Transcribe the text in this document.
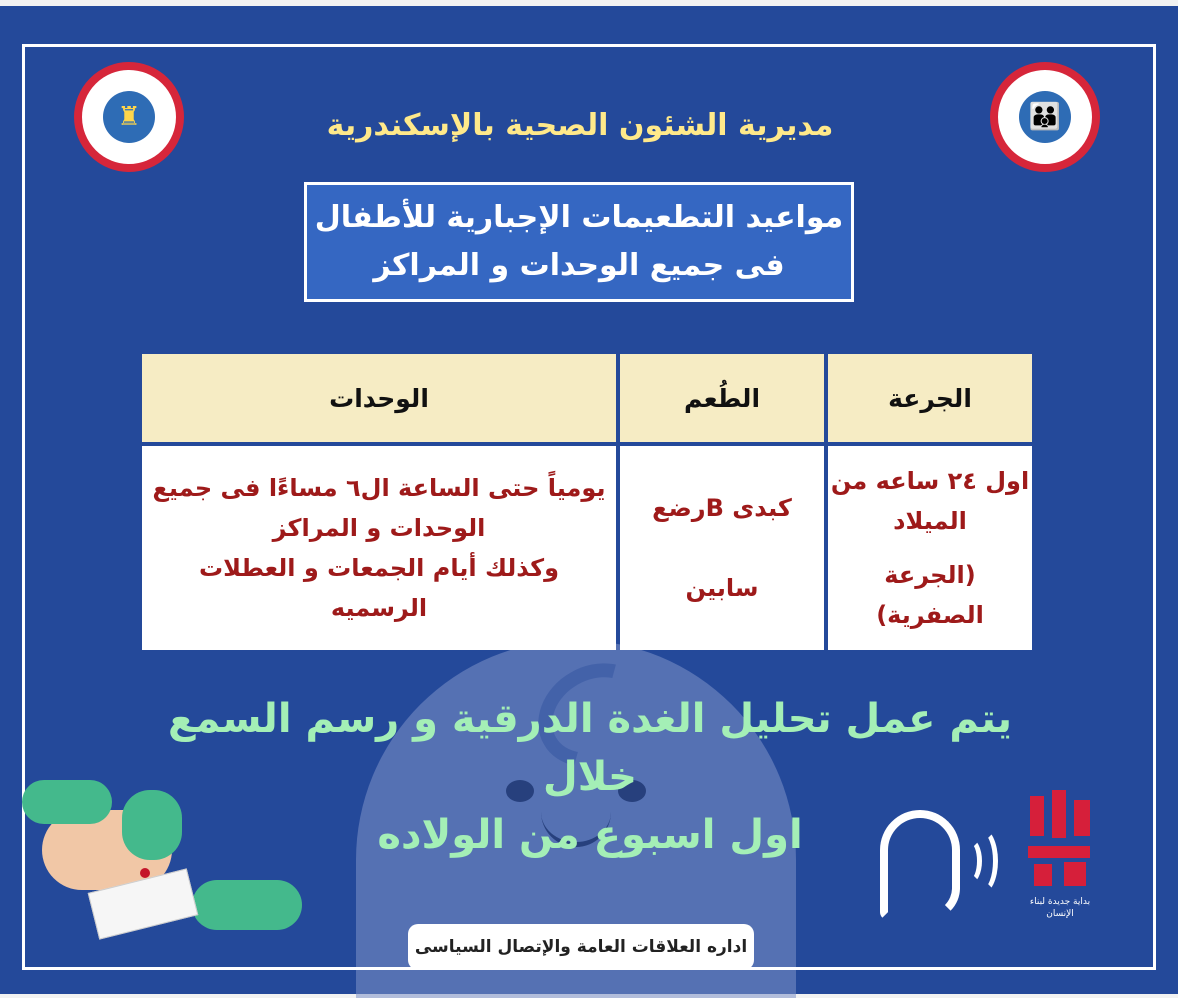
♜	👪
مديرية الشئون الصحية بالإسكندرية
مواعيد التطعيمات الإجبارية للأطفال
فى جميع الوحدات و المراكز
الجرعة
الطُعم
الوحدات
اول ٢٤ ساعه من
الميلاد
(الجرعة الصفرية)
كبدى Bرضع
سابين
يومياً حتى الساعة ال٦ مساءًا فى جميع
الوحدات و المراكز
وكذلك أيام الجمعات و العطلات
الرسميه
يتم عمل تحليل الغدة الدرقية و رسم السمع خلال
اول اسبوع من الولاده
بداية جديدة لبناء الإنسان
اداره العلاقات العامة والإتصال السياسى
